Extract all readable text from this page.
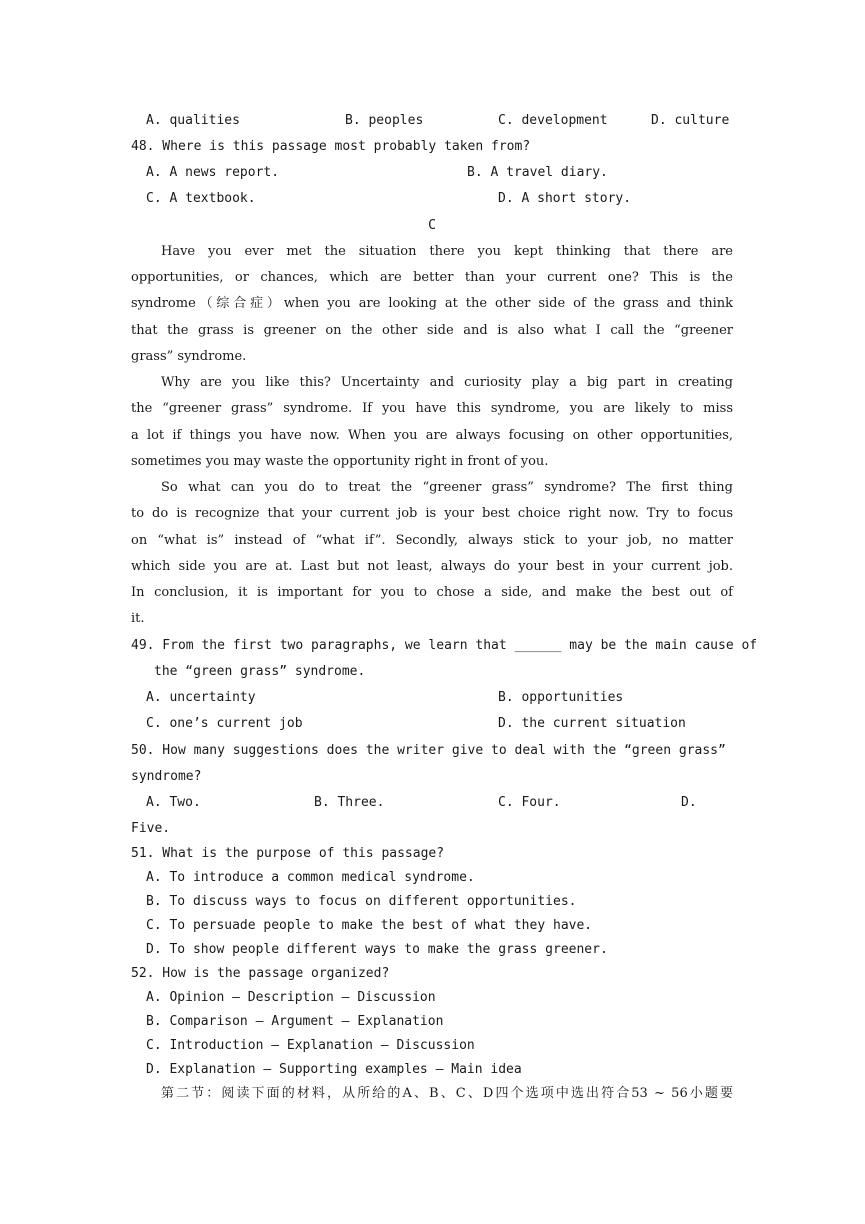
A. qualities	B. peoples	C. development	D. culture
48. Where is this passage most probably taken from?
A. A news report.	B. A travel diary.
C. A textbook.	D. A short story.
C
Have you ever met the situation there you kept thinking that there are
opportunities, or chances, which are better than your current one? This is the
syndrome（综合症）when you are looking at the other side of the grass and think
that the grass is greener on the other side and is also what I call the “greener
grass” syndrome.
Why are you like this? Uncertainty and curiosity play a big part in creating
the “greener grass” syndrome. If you have this syndrome, you are likely to miss
a lot if things you have now. When you are always focusing on other opportunities,
sometimes you may waste the opportunity right in front of you.
So what can you do to treat the “greener grass” syndrome? The first thing
to do is recognize that your current job is your best choice right now. Try to focus
on “what is” instead of “what if”. Secondly, always stick to your job, no matter
which side you are at. Last but not least, always do your best in your current job.
In conclusion, it is important for you to chose a side, and make the best out of
it.
49. From the first two paragraphs, we learn that ______ may be the main cause of
the “green grass” syndrome.
A. uncertainty	B. opportunities
C. one’s current job	D. the current situation
50. How many suggestions does the writer give to deal with the “green grass”
syndrome?
A. Two.	B. Three.	C. Four.	D.
Five.
51. What is the purpose of this passage?
A. To introduce a common medical syndrome.
B. To discuss ways to focus on different opportunities.
C. To persuade people to make the best of what they have.
D. To show people different ways to make the grass greener.
52. How is the passage organized?
A. Opinion — Description — Discussion
B. Comparison — Argument — Explanation
C. Introduction — Explanation — Discussion
D. Explanation — Supporting examples — Main idea
第二节：阅读下面的材料，从所给的A、B、C、D四个选项中选出符合53 ~ 56小题要
